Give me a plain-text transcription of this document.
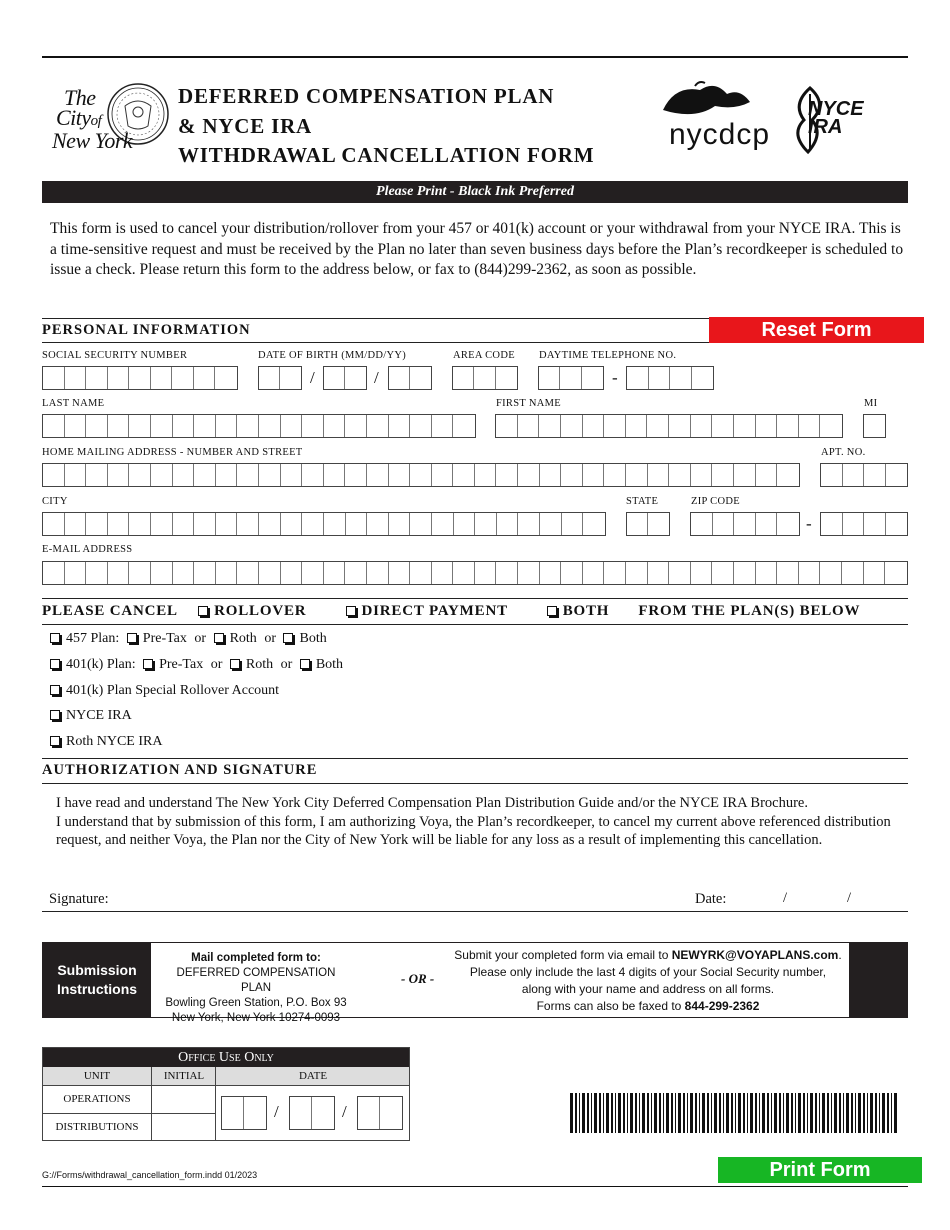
The
Cityof
New York
DEFERRED COMPENSATION PLAN
& NYCE IRA
WITHDRAWAL CANCELLATION FORM
nycdcp
NYCE IRA
Please Print - Black Ink Preferred
This form is used to cancel your distribution/rollover from your 457 or 401(k) account or your withdrawal from your NYCE IRA. This is a time-sensitive request and must be received by the Plan no later than seven business days before the Plan’s recordkeeper is scheduled to issue a check. Please return this form to the address below, or fax to (844)299-2362, as soon as possible.
PERSONAL INFORMATION	Reset Form
SOCIAL SECURITY NUMBER	DATE OF BIRTH (MM/DD/YY)	AREA CODE DAYTIME TELEPHONE NO.
/	/	-
LAST NAME	FIRST NAME	MI
HOME MAILING ADDRESS - NUMBER AND STREET	APT. NO.
CITY	STATE	ZIP CODE
-
E-MAIL ADDRESS
PLEASE CANCEL ROLLOVER	DIRECT PAYMENT	BOTH FROM THE PLAN(S) BELOW
457 Plan: Pre-Tax or Roth or Both
401(k) Plan: Pre-Tax or Roth or Both
401(k) Plan Special Rollover Account
NYCE IRA
Roth NYCE IRA
AUTHORIZATION AND SIGNATURE
I have read and understand The New York City Deferred Compensation Plan Distribution Guide and/or the NYCE IRA Brochure.
I understand that by submission of this form, I am authorizing Voya, the Plan’s recordkeeper, to cancel my current above referenced distribution request, and neither Voya, the Plan nor the City of New York will be liable for any loss as a result of implementing this cancellation.
Signature:	Date:	/	/
Submission
Instructions
Mail completed form to:
DEFERRED COMPENSATION PLAN
Bowling Green Station, P.O. Box 93
New York, New York 10274-0093
- OR -
Submit your completed form via email to NEWYRK@VOYAPLANS.com.
Please only include the last 4 digits of your Social Security number,
along with your name and address on all forms.
Forms can also be faxed to 844-299-2362
Office Use Only
UNIT	INITIAL	DATE
OPERATIONS
DISTRIBUTIONS
/	/
Print Form
G://Forms/withdrawal_cancellation_form.indd 01/2023
